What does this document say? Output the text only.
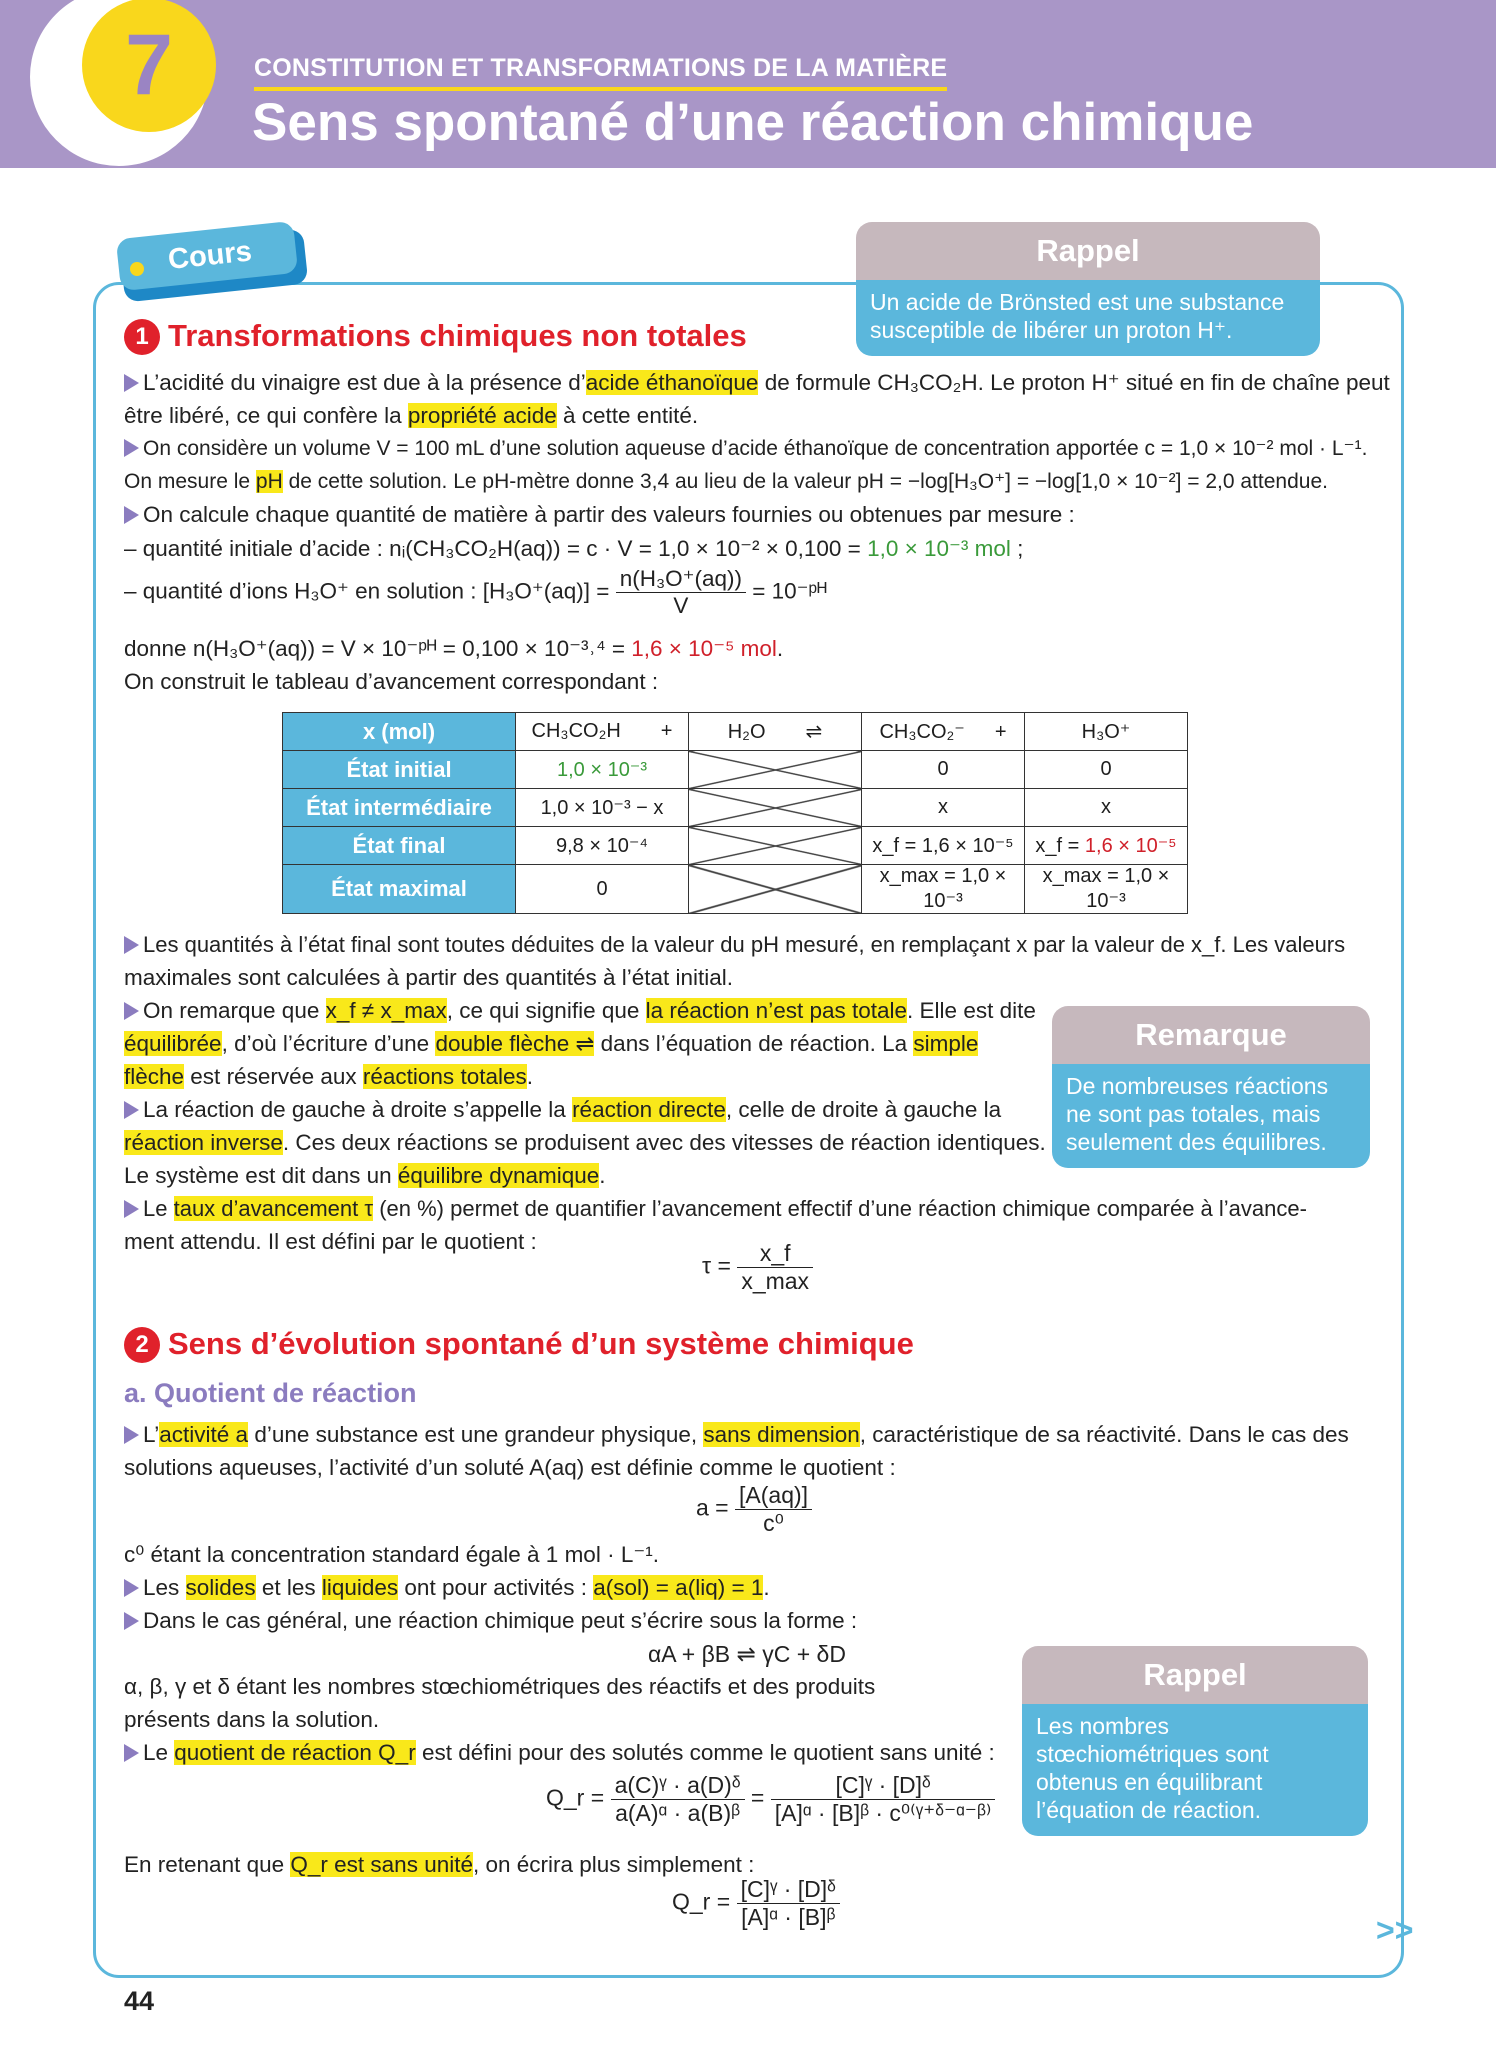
7	CONSTITUTION ET TRANSFORMATIONS DE LA MATIÈRE
Sens spontané d’une réaction chimique
Cours	Rappel
Un acide de Brönsted est une substance susceptible de libérer un proton H⁺.
Remarque
De nombreuses réactions ne sont pas totales, mais seulement des équilibres.
Rappel
Les nombres stœchiométriques sont obtenus en équilibrant l’équation de réaction.
1 Transformations chimiques non totales
L’acidité du vinaigre est due à la présence d’acide éthanoïque de formule CH₃CO₂H. Le proton H⁺ situé en fin de chaîne peut
être libéré, ce qui confère la propriété acide à cette entité.
On considère un volume V = 100 mL d’une solution aqueuse d’acide éthanoïque de concentration apportée c = 1,0 × 10⁻² mol · L⁻¹.
On mesure le pH de cette solution. Le pH-mètre donne 3,4 au lieu de la valeur pH = −log[H₃O⁺] = −log[1,0 × 10⁻²] = 2,0 attendue.
On calcule chaque quantité de matière à partir des valeurs fournies ou obtenues par mesure :
– quantité initiale d’acide : nᵢ(CH₃CO₂H(aq)) = c · V = 1,0 × 10⁻² × 0,100 = 1,0 × 10⁻³ mol ;
– quantité d’ions H₃O⁺ en solution : $[H_3O^+(aq)] = \frac{\text{n(H₃O⁺(aq))}}{V}$ = 10⁻ᵖᴴ
donne n(H₃O⁺(aq)) = V × 10⁻ᵖᴴ = 0,100 × 10⁻³˒⁴ = 1,6 × 10⁻⁵ mol.
On construit le tableau d’avancement correspondant :
x (mol)	CH₃CO₂H +	H₂O ⇌	CH₃CO₂⁻ +	H₃O⁺
État initial	1,0 × 10⁻³		0	0
État intermédiaire	1,0 × 10⁻³ − x		x	x
État final	9,8 × 10⁻⁴		x_f = 1,6 × 10⁻⁵	x_f = 1,6 × 10⁻⁵
État maximal	0		x_max = 1,0 × 10⁻³	x_max = 1,0 × 10⁻³
Les quantités à l’état final sont toutes déduites de la valeur du pH mesuré, en remplaçant x par la valeur de x_f. Les valeurs
maximales sont calculées à partir des quantités à l’état initial.
On remarque que x_f ≠ x_max, ce qui signifie que la réaction n’est pas totale. Elle est dite
équilibrée, d’où l’écriture d’une double flèche ⇌ dans l’équation de réaction. La simple
flèche est réservée aux réactions totales.
La réaction de gauche à droite s’appelle la réaction directe, celle de droite à gauche la
réaction inverse. Ces deux réactions se produisent avec des vitesses de réaction identiques.
Le système est dit dans un équilibre dynamique.
Le taux d’avancement τ (en %) permet de quantifier l’avancement effectif d’une réaction chimique comparée à l’avance-
ment attendu. Il est défini par le quotient :
$\tau = \frac{x\_f}{x\_\max}$
2 Sens d’évolution spontané d’un système chimique
a. Quotient de réaction
L’activité a d’une substance est une grandeur physique, sans dimension, caractéristique de sa réactivité. Dans le cas des
solutions aqueuses, l’activité d’un soluté A(aq) est définie comme le quotient :
$a = \frac{[A(aq)]}{\text{c⁰}}$
c⁰ étant la concentration standard égale à 1 mol · L⁻¹.
Les solides et les liquides ont pour activités : a(sol) = a(liq) = 1.
Dans le cas général, une réaction chimique peut s’écrire sous la forme :
αA + βB ⇌ γC + δD
α, β, γ et δ étant les nombres stœchiométriques des réactifs et des produits
présents dans la solution.
Le quotient de réaction Q_r est défini pour des solutés comme le quotient sans unité :
Q_r = $\frac{\text{a(C)ᵞ · a(D)ᵟ}}{\text{a(A)ᵅ · a(B)ᵝ}} = \frac{\text{[C]ᵞ · [D]ᵟ}}{\text{[A]ᵅ · [B]ᵝ · c⁰⁽ᵞ⁺ᵟ⁻ᵅ⁻ᵝ⁾}}$
En retenant que Q_r est sans unité, on écrira plus simplement :
Q_r = $\frac{\text{[C]ᵞ · [D]ᵟ}}{\text{[A]ᵅ · [B]ᵝ}}$	>>
44
